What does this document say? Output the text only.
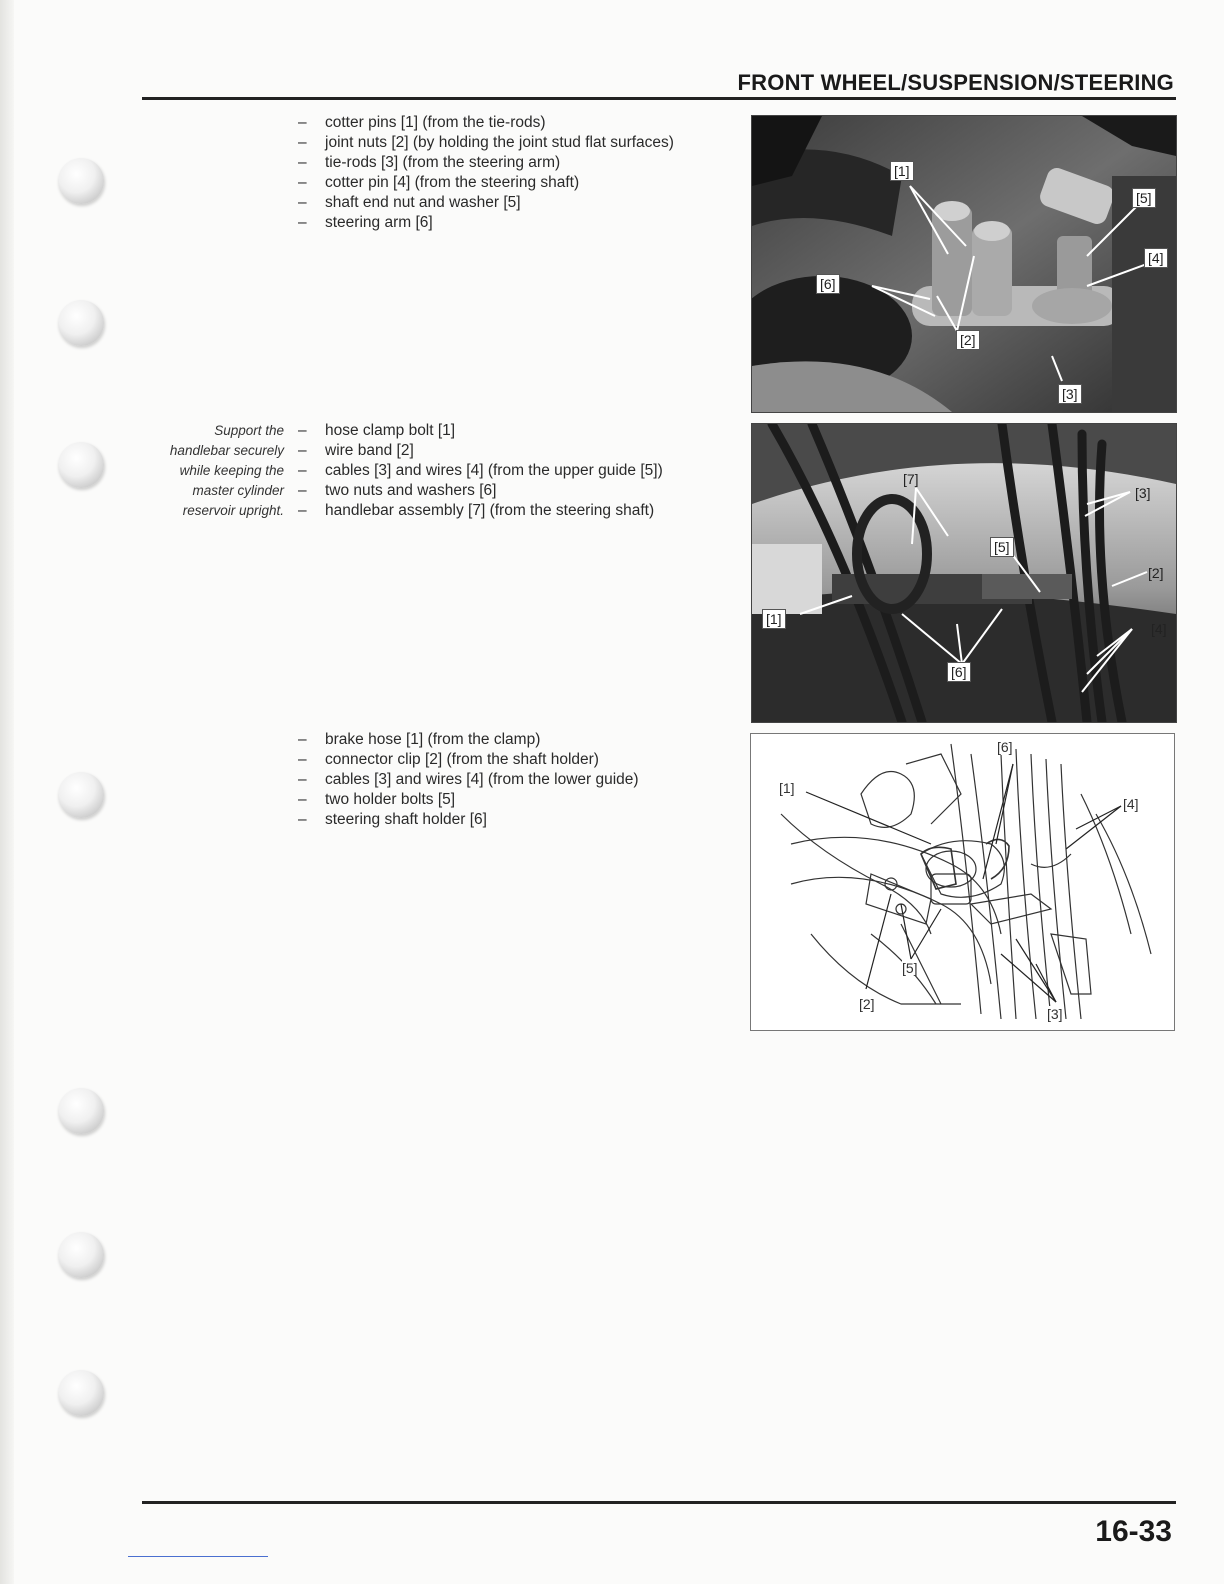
FRONT WHEEL/SUSPENSION/STEERING
– cotter pins [1] (from the tie-rods)
– joint nuts [2] (by holding the joint stud flat surfaces)
– tie-rods [3] (from the steering arm)
– cotter pin [4] (from the steering shaft)
– shaft end nut and washer [5]
– steering arm [6]
Support the
handlebar securely
while keeping the
master cylinder
reservoir upright.
– hose clamp bolt [1]
– wire band [2]
– cables [3] and wires [4] (from the upper guide [5])
– two nuts and washers [6]
– handlebar assembly [7] (from the steering shaft)
– brake hose [1] (from the clamp)
– connector clip [2] (from the shaft holder)
– cables [3] and wires [4] (from the lower guide)
– two holder bolts [5]
– steering shaft holder [6]
[1]
[5]
[4]
[6]
[2]
[3]
[7]
[3]
[5]
[2]
[1]
[4]
[6]
[6]
[1]
[4]
[5]
[2]
[3]
16-33
